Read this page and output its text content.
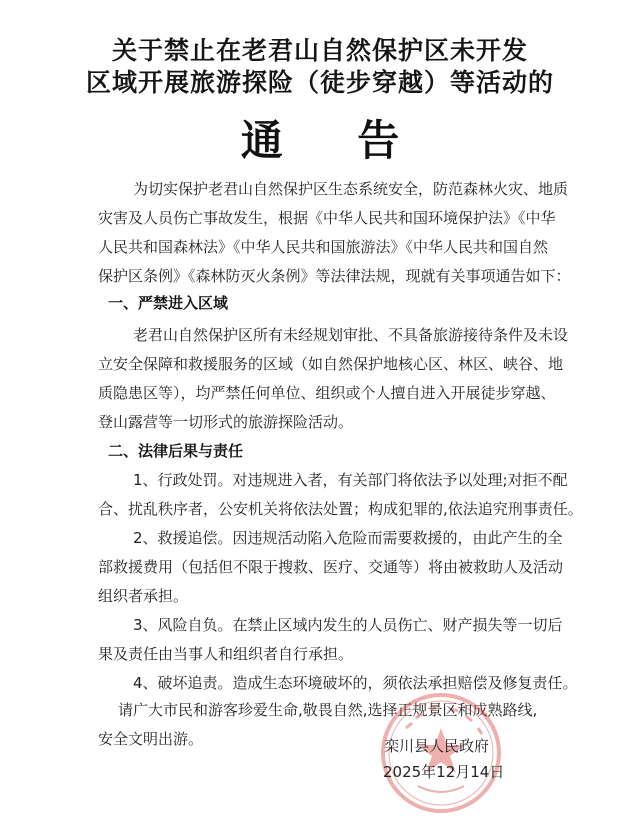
关于禁止在老君山自然保护区未开发
区域开展旅游探险（徒步穿越）等活动的
通 告
为切实保护老君山自然保护区生态系统安全，防范森林火灾、地质
灾害及人员伤亡事故发生，根据《中华人民共和国环境保护法》《中华
人民共和国森林法》《中华人民共和国旅游法》《中华人民共和国自然
保护区条例》《森林防灭火条例》等法律法规，现就有关事项通告如下：
一、严禁进入区域
老君山自然保护区所有未经规划审批、不具备旅游接待条件及未设
立安全保障和救援服务的区域（如自然保护地核心区、林区、峡谷、地
质隐患区等），均严禁任何单位、组织或个人擅自进入开展徒步穿越、
登山露营等一切形式的旅游探险活动。
二、法律后果与责任
1、行政处罚。对违规进入者，有关部门将依法予以处理;对拒不配
合、扰乱秩序者，公安机关将依法处置；构成犯罪的,依法追究刑事责任。
2、救援追偿。因违规活动陷入危险而需要救援的，由此产生的全
部救援费用（包括但不限于搜救、医疗、交通等）将由被救助人及活动
组织者承担。
3、风险自负。在禁止区域内发生的人员伤亡、财产损失等一切后
果及责任由当事人和组织者自行承担。
4、破坏追责。造成生态环境破坏的，须依法承担赔偿及修复责任。
请广大市民和游客珍爱生命,敬畏自然,选择正规景区和成熟路线,
安全文明出游。	栾川县人民政府
2025年12月14日
